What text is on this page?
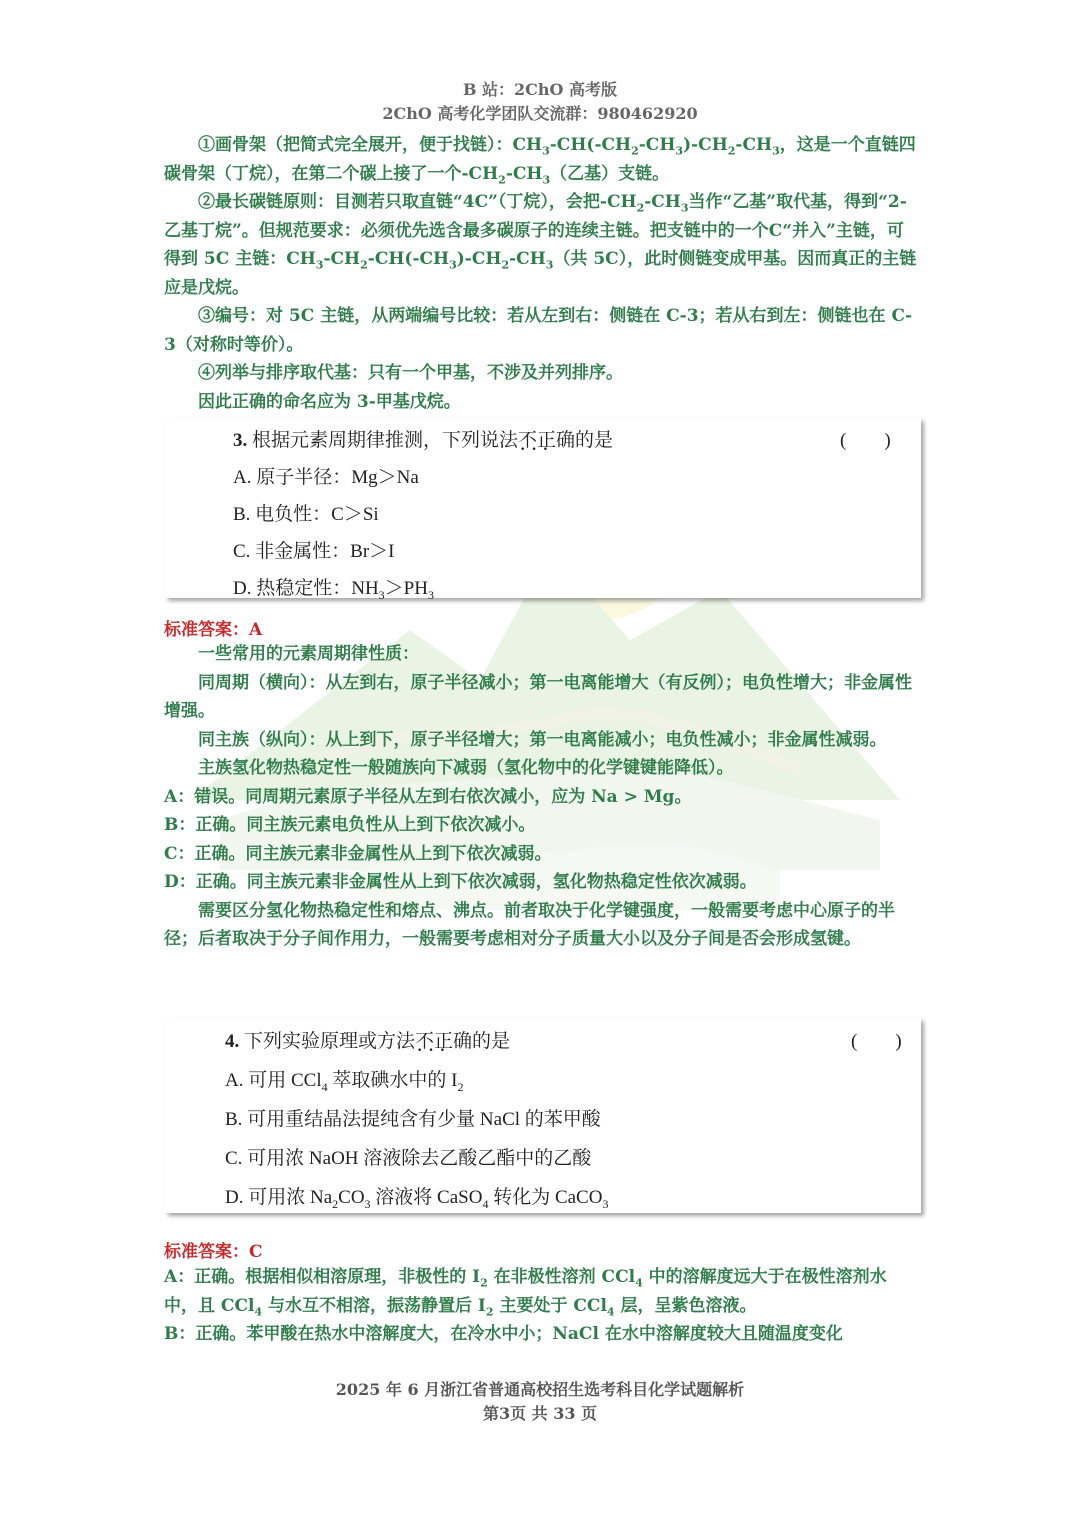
B 站：2ChO 高考版
2ChO 高考化学团队交流群：980462920

①画骨架（把简式完全展开，便于找链）：$CH_3-CH(-CH_2-CH_3)-CH_2-CH_3$，这是一个直链四碳骨架（丁烷），在第二个碳上接了一个$-CH_2-CH_3$（乙基）支链。

②最长碳链原则：目测若只取直链“4C”（丁烷），会把$-CH_2-CH_3$当作“乙基”取代基，得到“2-乙基丁烷”。但规范要求：必须优先选含最多碳原子的连续主链。把支链中的一个C“并入”主链，可得到 5C 主链：$CH_3-CH_2-CH(-CH_3)-CH_2-CH_3$（共 5C），此时侧链变成甲基。因而真正的主链应是戊烷。

③编号：对 5C 主链，从两端编号比较：若从左到右：侧链在 C-3；若从右到左：侧链也在 C-3（对称时等价）。

④列举与排序取代基：只有一个甲基，不涉及并列排序。

因此正确的命名应为 3-甲基戊烷。

3. 根据元素周期律推测，下列说法不正确 · · ·的是	(　　)
A. 原子半径：Mg＞Na
B. 电负性：C＞Si
C. 非金属性：Br＞I
D. 热稳定性：$NH_3>PH_3$
标准答案：A

一些常用的元素周期律性质：

同周期（横向）：从左到右，原子半径减小；第一电离能增大（有反例）；电负性增大；非金属性增强。

同主族（纵向）：从上到下，原子半径增大；第一电离能减小；电负性减小；非金属性减弱。

主族氢化物热稳定性一般随族向下减弱（氢化物中的化学键键能降低）。

A：错误。同周期元素原子半径从左到右依次减小，应为 Na > Mg。

B：正确。同主族元素电负性从上到下依次减小。

C：正确。同主族元素非金属性从上到下依次减弱。

D：正确。同主族元素非金属性从上到下依次减弱，氢化物热稳定性依次减弱。

需要区分氢化物热稳定性和熔点、沸点。前者取决于化学键强度，一般需要考虑中心原子的半径；后者取决于分子间作用力，一般需要考虑相对分子质量大小以及分子间是否会形成氢键。

4. 下列实验原理或方法不正确 · · ·的是	(　　)
A. 可用 CCl$_4$ 萃取碘水中的 $I_2$
B. 可用重结晶法提纯含有少量 NaCl 的苯甲酸
C. 可用浓 NaOH 溶液除去乙酸乙酯中的乙酸
D. 可用浓 $Na_2CO_3$ 溶液将 CaSO$_4$ 转化为 CaCO$_3$
标准答案：C

A：正确。根据相似相溶原理，非极性的 $I_2$ 在非极性溶剂 CCl$_4$ 中的溶解度远大于在极性溶剂水中，且 CCl$_4$ 与水互不相溶，振荡静置后 $I_2$ 主要处于 CCl$_4$ 层，呈紫色溶液。

B：正确。苯甲酸在热水中溶解度大，在冷水中小；NaCl 在水中溶解度较大且随温度变化

2025 年 6 月浙江省普通高校招生选考科目化学试题解析
第3页 共 33 页
